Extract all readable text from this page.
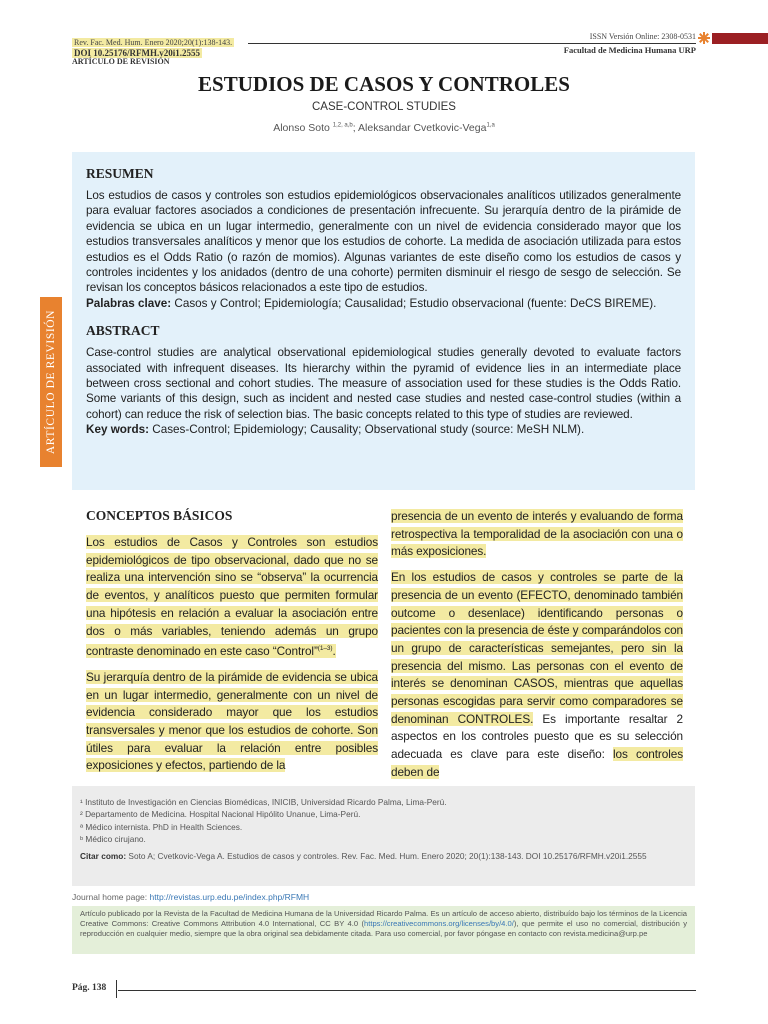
Rev. Fac. Med. Hum. Enero 2020;20(1):138-143.
DOI 10.25176/RFMH.v20i1.2555
ISSN Versión Online: 2308-0531
Facultad de Medicina Humana URP
ARTÍCULO DE REVISIÓN
ESTUDIOS DE CASOS Y CONTROLES
CASE-CONTROL STUDIES
Alonso Soto $^{1,2, a,b}$; Aleksandar Cvetkovic-Vega$^{1,a}$
ARTÍCULO DE REVISIÓN
RESUMEN

Los estudios de casos y controles son estudios epidemiológicos observacionales analíticos utilizados generalmente para evaluar factores asociados a condiciones de presentación infrecuente. Su jerarquía dentro de la pirámide de evidencia se ubica en un lugar intermedio, generalmente con un nivel de evidencia considerado mayor que los estudios transversales analíticos y menor que los estudios de cohorte. La medida de asociación utilizada para estos estudios es el Odds Ratio (o razón de momios). Algunas variantes de este diseño como los estudios de casos y controles incidentes y los anidados (dentro de una cohorte) permiten disminuir el riesgo de sesgo de selección. Se revisan los conceptos básicos relacionados a este tipo de estudios.

Palabras clave: Casos y Control; Epidemiología; Causalidad; Estudio observacional (fuente: DeCS BIREME).

ABSTRACT

Case-control studies are analytical observational epidemiological studies generally devoted to evaluate factors associated with infrequent diseases. Its hierarchy within the pyramid of evidence lies in an intermediate place between cross sectional and cohort studies. The measure of association used for these studies is the Odds Ratio. Some variants of this design, such as incident and nested case studies and nested case-control studies (within a cohort) can reduce the risk of selection bias. The basic concepts related to this type of studies are reviewed.

Key words: Cases-Control; Epidemiology; Causality; Observational study (source: MeSH NLM).

CONCEPTOS BÁSICOS

Los estudios de Casos y Controles son estudios epidemiológicos de tipo observacional, dado que no se realiza una intervención sino se “observa” la ocurrencia de eventos, y analíticos puesto que permiten formular una hipótesis en relación a evaluar la asociación entre dos o más variables, teniendo además un grupo contraste denominado en este caso “Control”$^{(1-3)}$.

Su jerarquía dentro de la pirámide de evidencia se ubica en un lugar intermedio, generalmente con un nivel de evidencia considerado mayor que los estudios transversales y menor que los estudios de cohorte. Son útiles para evaluar la relación entre posibles exposiciones y efectos, partiendo de la

presencia de un evento de interés y evaluando de forma retrospectiva la temporalidad de la asociación con una o más exposiciones.

En los estudios de casos y controles se parte de la presencia de un evento (EFECTO, denominado también outcome o desenlace) identificando personas o pacientes con la presencia de éste y comparándolos con un grupo de características semejantes, pero sin la presencia del mismo. Las personas con el evento de interés se denominan CASOS, mientras que aquellas personas escogidas para servir como comparadores se denominan CONTROLES. Es importante resaltar 2 aspectos en los controles puesto que es su selección adecuada es clave para este diseño: los controles deben de

¹ Instituto de Investigación en Ciencias Biomédicas, INICIB, Universidad Ricardo Palma, Lima-Perú.
² Departamento de Medicina. Hospital Nacional Hipólito Unanue, Lima-Perú.
ª Médico internista. PhD in Health Sciences.
ᵇ Médico cirujano.
Citar como: Soto A; Cvetkovic-Vega A. Estudios de casos y controles. Rev. Fac. Med. Hum. Enero 2020; 20(1):138-143. DOI 10.25176/RFMH.v20i1.2555
Journal home page: http://revistas.urp.edu.pe/index.php/RFMH
Artículo publicado por la Revista de la Facultad de Medicina Humana de la Universidad Ricardo Palma. Es un artículo de acceso abierto, distribuído bajo los términos de la Licencia Creative Commons: Creative Commons Attribution 4.0 International, CC BY 4.0 (https://creativecommons.org/licenses/by/4.0/), que permite el uso no comercial, distribución y reproducción en cualquier medio, siempre que la obra original sea debidamente citada. Para uso comercial, por favor póngase en contacto con revista.medicina@urp.pe
Pág. 138
